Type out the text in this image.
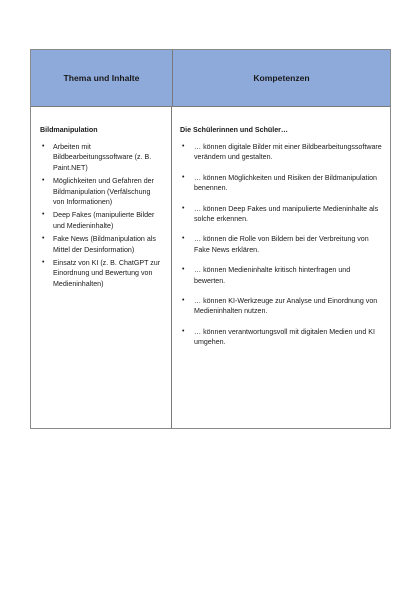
Thema und Inhalte	Kompetenzen

Bildmanipulation

• Arbeiten mit Bildbearbeitungssoftware (z. B. Paint.NET)
• Möglichkeiten und Gefahren der Bildmanipulation (Verfälschung von Informationen)
• Deep Fakes (manipulierte Bilder und Medieninhalte)
• Fake News (Bildmanipulation als Mittel der Desinformation)
• Einsatz von KI (z. B. ChatGPT zur Einordnung und Bewertung von Medieninhalten)

Die Schülerinnen und Schüler…

• … können digitale Bilder mit einer Bildbearbeitungssoftware verändern und gestalten.
• … können Möglichkeiten und Risiken der Bildmanipulation benennen.
• … können Deep Fakes und manipulierte Medieninhalte als solche erkennen.
• … können die Rolle von Bildern bei der Verbreitung von Fake News erklären.
• … können Medieninhalte kritisch hinterfragen und bewerten.
• … können KI-Werkzeuge zur Analyse und Einordnung von Medieninhalten nutzen.
• … können verantwortungsvoll mit digitalen Medien und KI umgehen.
